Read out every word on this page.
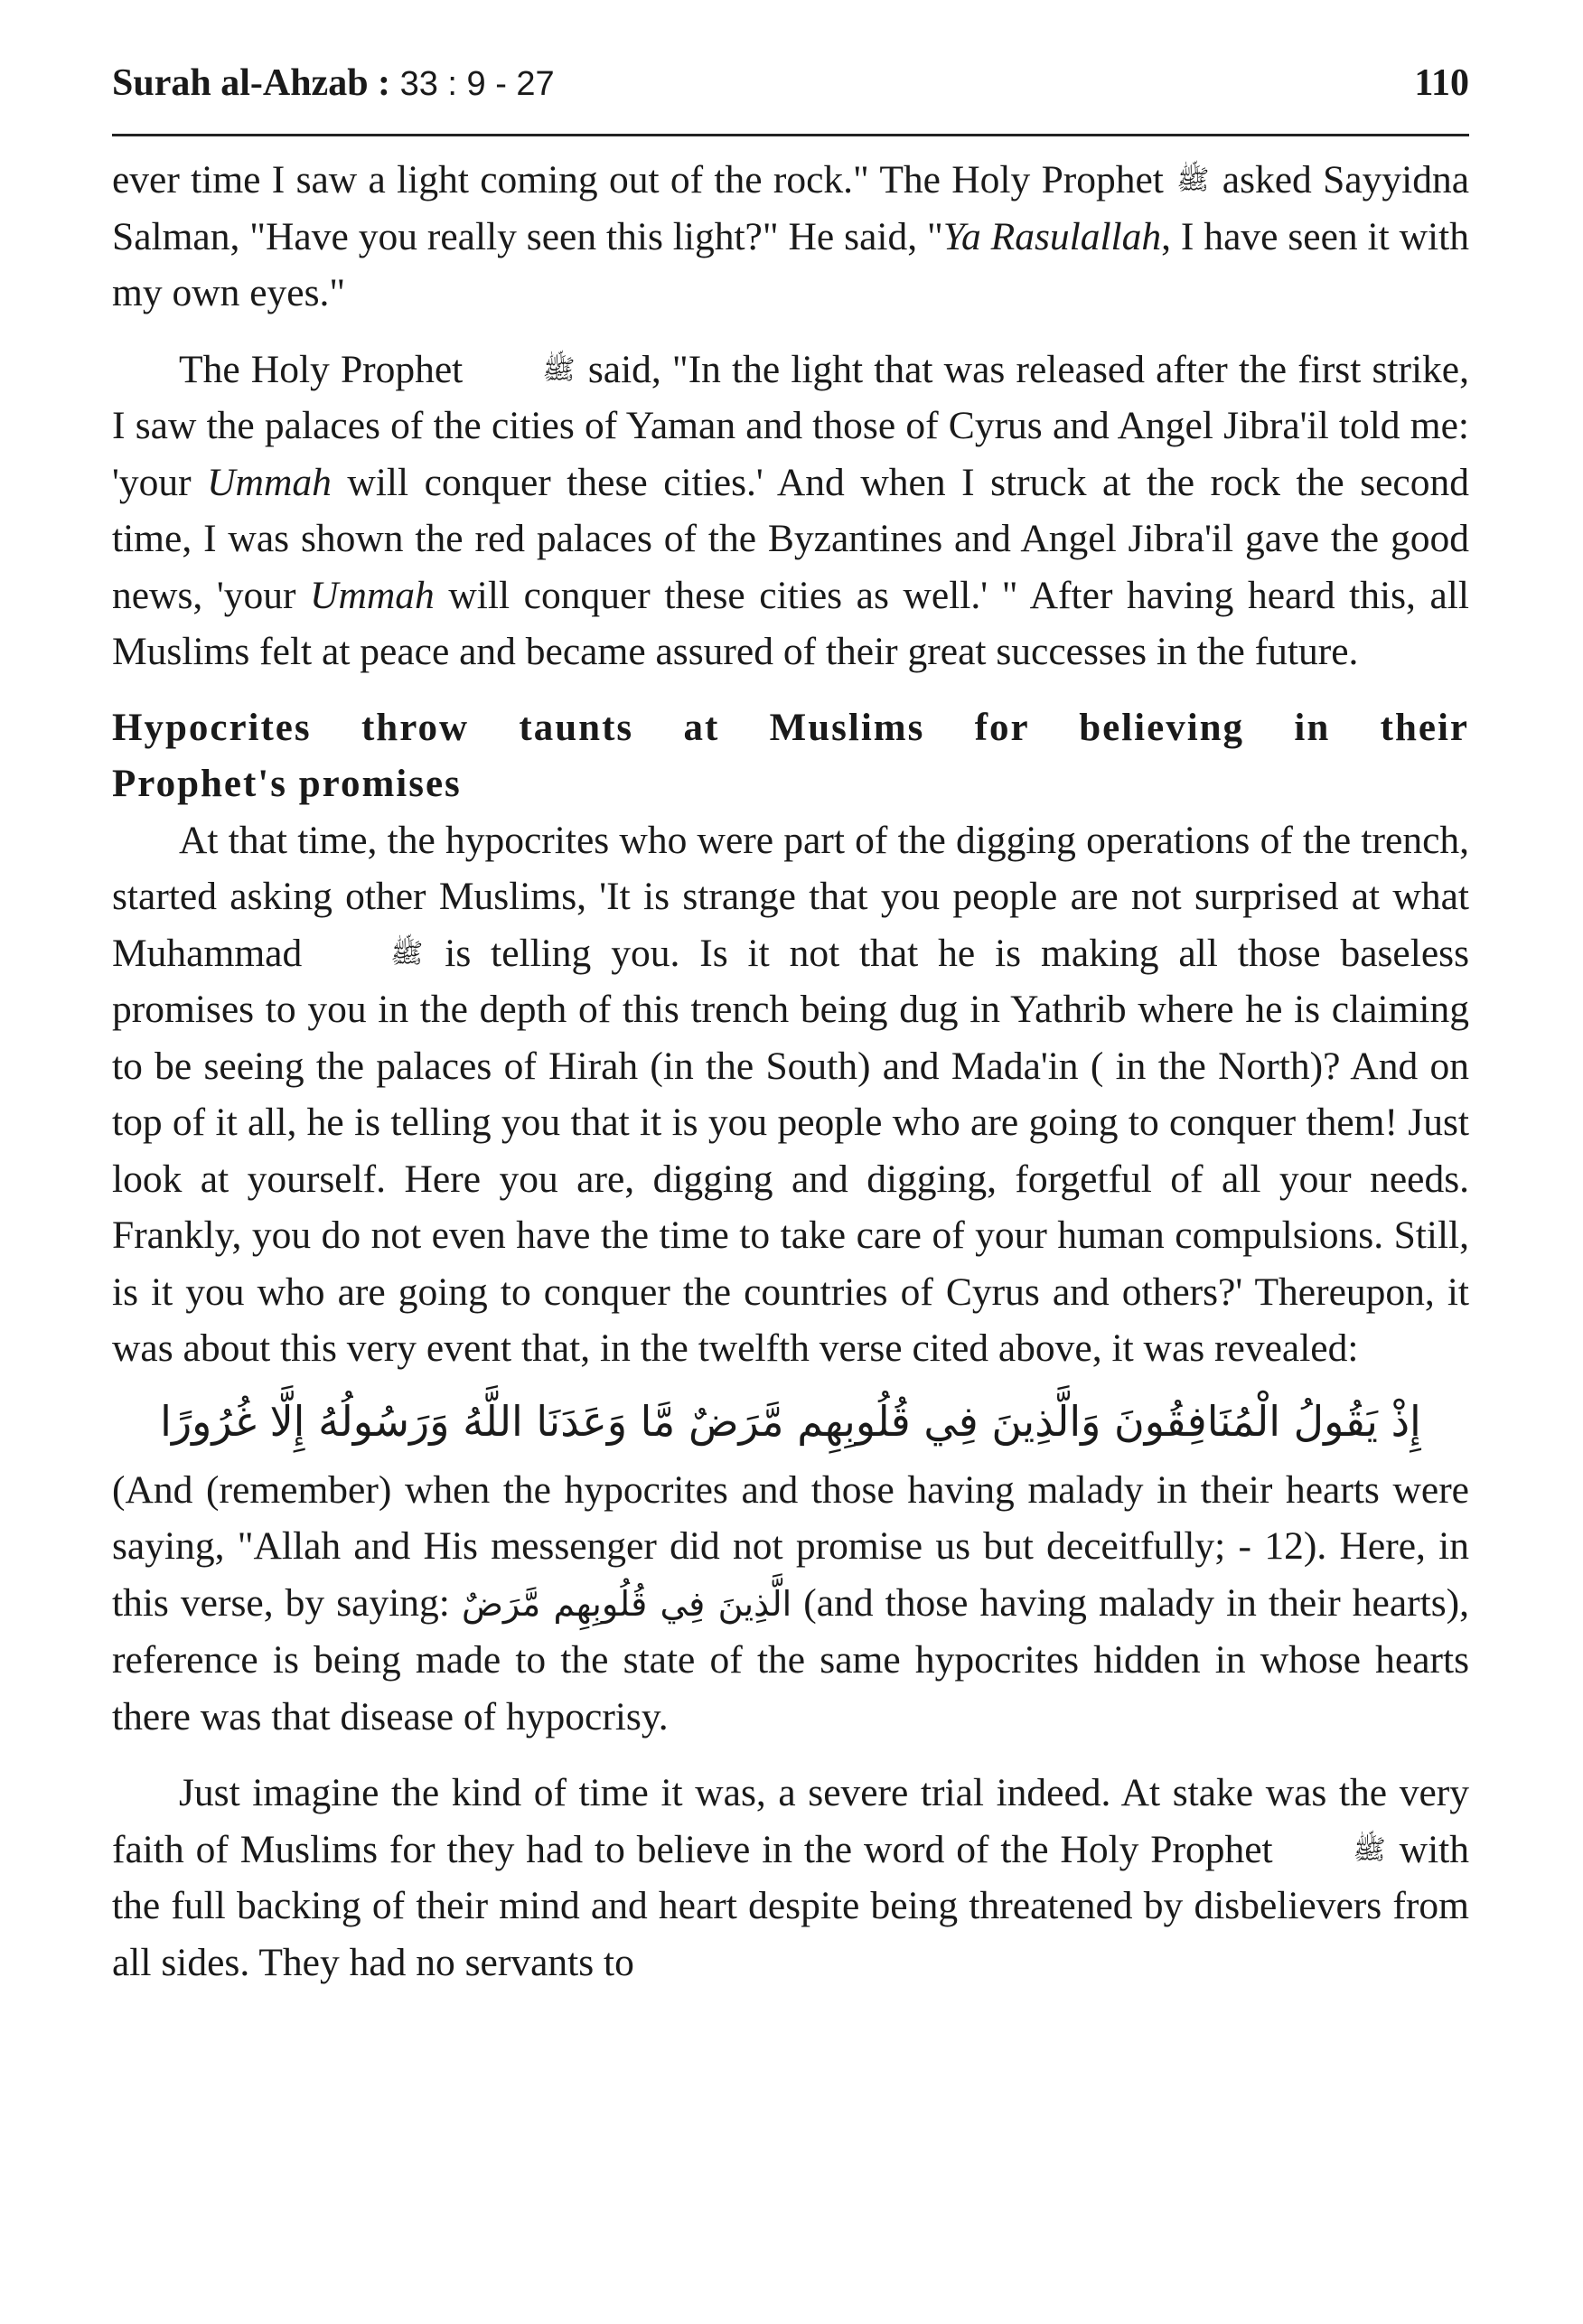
Surah al-Ahzab : 33 : 9 - 27	110

ever time I saw a light coming out of the rock." The Holy Prophet ﷺ asked Sayyidna Salman, "Have you really seen this light?" He said, "Ya Rasulallah, I have seen it with my own eyes."

The Holy Prophet	ﷺ said, "In the light that was released after the first strike, I saw the palaces of the cities of Yaman and those of Cyrus and Angel Jibra'il told me: 'your Ummah will conquer these cities.' And when I struck at the rock the second time, I was shown the red palaces of the Byzantines and Angel Jibra'il gave the good news, 'your Ummah will conquer these cities as well.' " After having heard this, all Muslims felt at peace and became assured of their great successes in the future.

Hypocrites throw taunts at Muslims for believing in their
Prophet's promises

At that time, the hypocrites who were part of the digging operations of the trench, started asking other Muslims, 'It is strange that you people are not surprised at what Muhammad	ﷺ is telling you. Is it not that he is making all those baseless promises to you in the depth of this trench being dug in Yathrib where he is claiming to be seeing the palaces of Hirah (in the South) and Mada'in ( in the North)? And on top of it all, he is telling you that it is you people who are going to conquer them! Just look at yourself. Here you are, digging and digging, forgetful of all your needs. Frankly, you do not even have the time to take care of your human compulsions. Still, is it you who are going to conquer the countries of Cyrus and others?' Thereupon, it was about this very event that, in the twelfth verse cited above, it was revealed:

إِذْ يَقُولُ الْمُنَافِقُونَ وَالَّذِينَ فِي قُلُوبِهِم مَّرَضٌ مَّا وَعَدَنَا اللَّهُ وَرَسُولُهُ إِلَّا غُرُورًا

(And (remember) when the hypocrites and those having malady in their hearts were saying, "Allah and His messenger did not promise us but deceitfully; - 12). Here, in this verse, by saying: الَّذِينَ فِي قُلُوبِهِم مَّرَضٌ (and those having malady in their hearts), reference is being made to the state of the same hypocrites hidden in whose hearts there was that disease of hypocrisy.

Just imagine the kind of time it was, a severe trial indeed. At stake was the very faith of Muslims for they had to believe in the word of the Holy Prophet	ﷺ with the full backing of their mind and heart despite being threatened by disbelievers from all sides. They had no servants to
